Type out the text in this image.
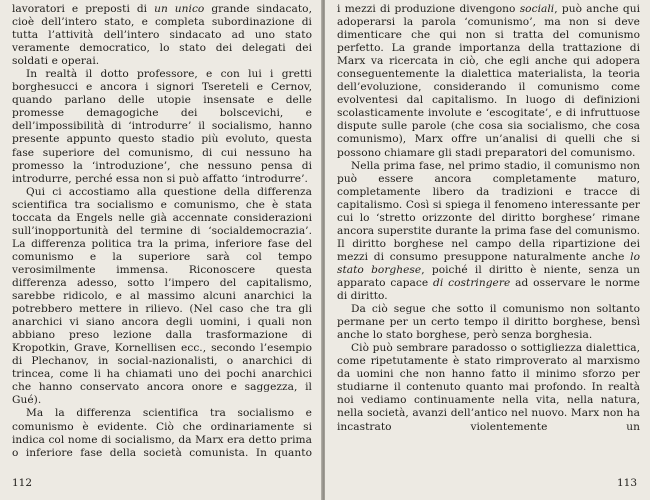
lavoratori e preposti di un unico grande sindacato, cioè dell’intero stato, e completa subordinazione di tutta l’attività dell’intero sindacato ad uno stato veramente democratico, lo stato dei delegati dei soldati e operai.

In realtà il dotto professore, e con lui i gretti borghesucci e ancora i signori Tsereteli e Cernov, quando parlano delle utopie insensate e delle promesse demagogiche dei bolscevichi, e dell’impossibilità di ‘introdurre’ il socialismo, hanno presente appunto questo stadio più evoluto, questa fase superiore del comunismo, di cui nessuno ha promesso la ‘introduzione’, che nessuno pensa di introdurre, perché essa non si può affatto ‘introdurre’.

Qui ci accostiamo alla questione della differenza scientifica tra socialismo e comunismo, che è stata toccata da Engels nelle già accennate considerazioni sull’inopportunità del termine di ‘socialdemocrazia’. La differenza politica tra la prima, inferiore fase del comunismo e la superiore sarà col tempo verosimilmente immensa. Riconoscere questa differenza adesso, sotto l’impero del capitalismo, sarebbe ridicolo, e al massimo alcuni anarchici la potrebbero mettere in rilievo. (Nel caso che tra gli anarchici vi siano ancora degli uomini, i quali non abbiano preso lezione dalla trasformazione di Kropotkin, Grave, Kornellisen ecc., secondo l’esempio di Plechanov, in social-nazionalisti, o anarchici di trincea, come li ha chiamati uno dei pochi anarchici che hanno conservato ancora onore e saggezza, il Gué).

Ma la differenza scientifica tra socialismo e comunismo è evidente. Ciò che ordinariamente si indica col nome di socialismo, da Marx era detto prima o inferiore fase della società comunista. In quanto

112

i mezzi di produzione divengono sociali, può anche qui adoperarsi la parola ‘comunismo’, ma non si deve dimenticare che qui non si tratta del comunismo perfetto. La grande importanza della trattazione di Marx va ricercata in ciò, che egli anche qui adopera conseguentemente la dialettica materialista, la teoria dell’evoluzione, considerando il comunismo come evolventesi dal capitalismo. In luogo di definizioni scolasticamente involute e ‘escogitate’, e di infruttuose dispute sulle parole (che cosa sia socialismo, che cosa comunismo), Marx offre un’analisi di quelli che si possono chiamare gli stadi preparatori del comunismo.

Nella prima fase, nel primo stadio, il comunismo non può essere ancora completamente maturo, completamente libero da tradizioni e tracce di capitalismo. Così si spiega il fenomeno interessante per cui lo ‘stretto orizzonte del diritto borghese’ rimane ancora superstite durante la prima fase del comunismo. Il diritto borghese nel campo della ripartizione dei mezzi di consumo presuppone naturalmente anche lo stato borghese, poiché il diritto è niente, senza un apparato capace di costringere ad osservare le norme di diritto.

Da ciò segue che sotto il comunismo non soltanto permane per un certo tempo il diritto borghese, bensì anche lo stato borghese, però senza borghesia.

Ciò può sembrare paradosso o sottigliezza dialettica, come ripetutamente è stato rimproverato al marxismo da uomini che non hanno fatto il minimo sforzo per studiarne il contenuto quanto mai profondo. In realtà noi vediamo continuamente nella vita, nella natura, nella società, avanzi dell’antico nel nuovo. Marx non ha incastrato violentemente un

113
